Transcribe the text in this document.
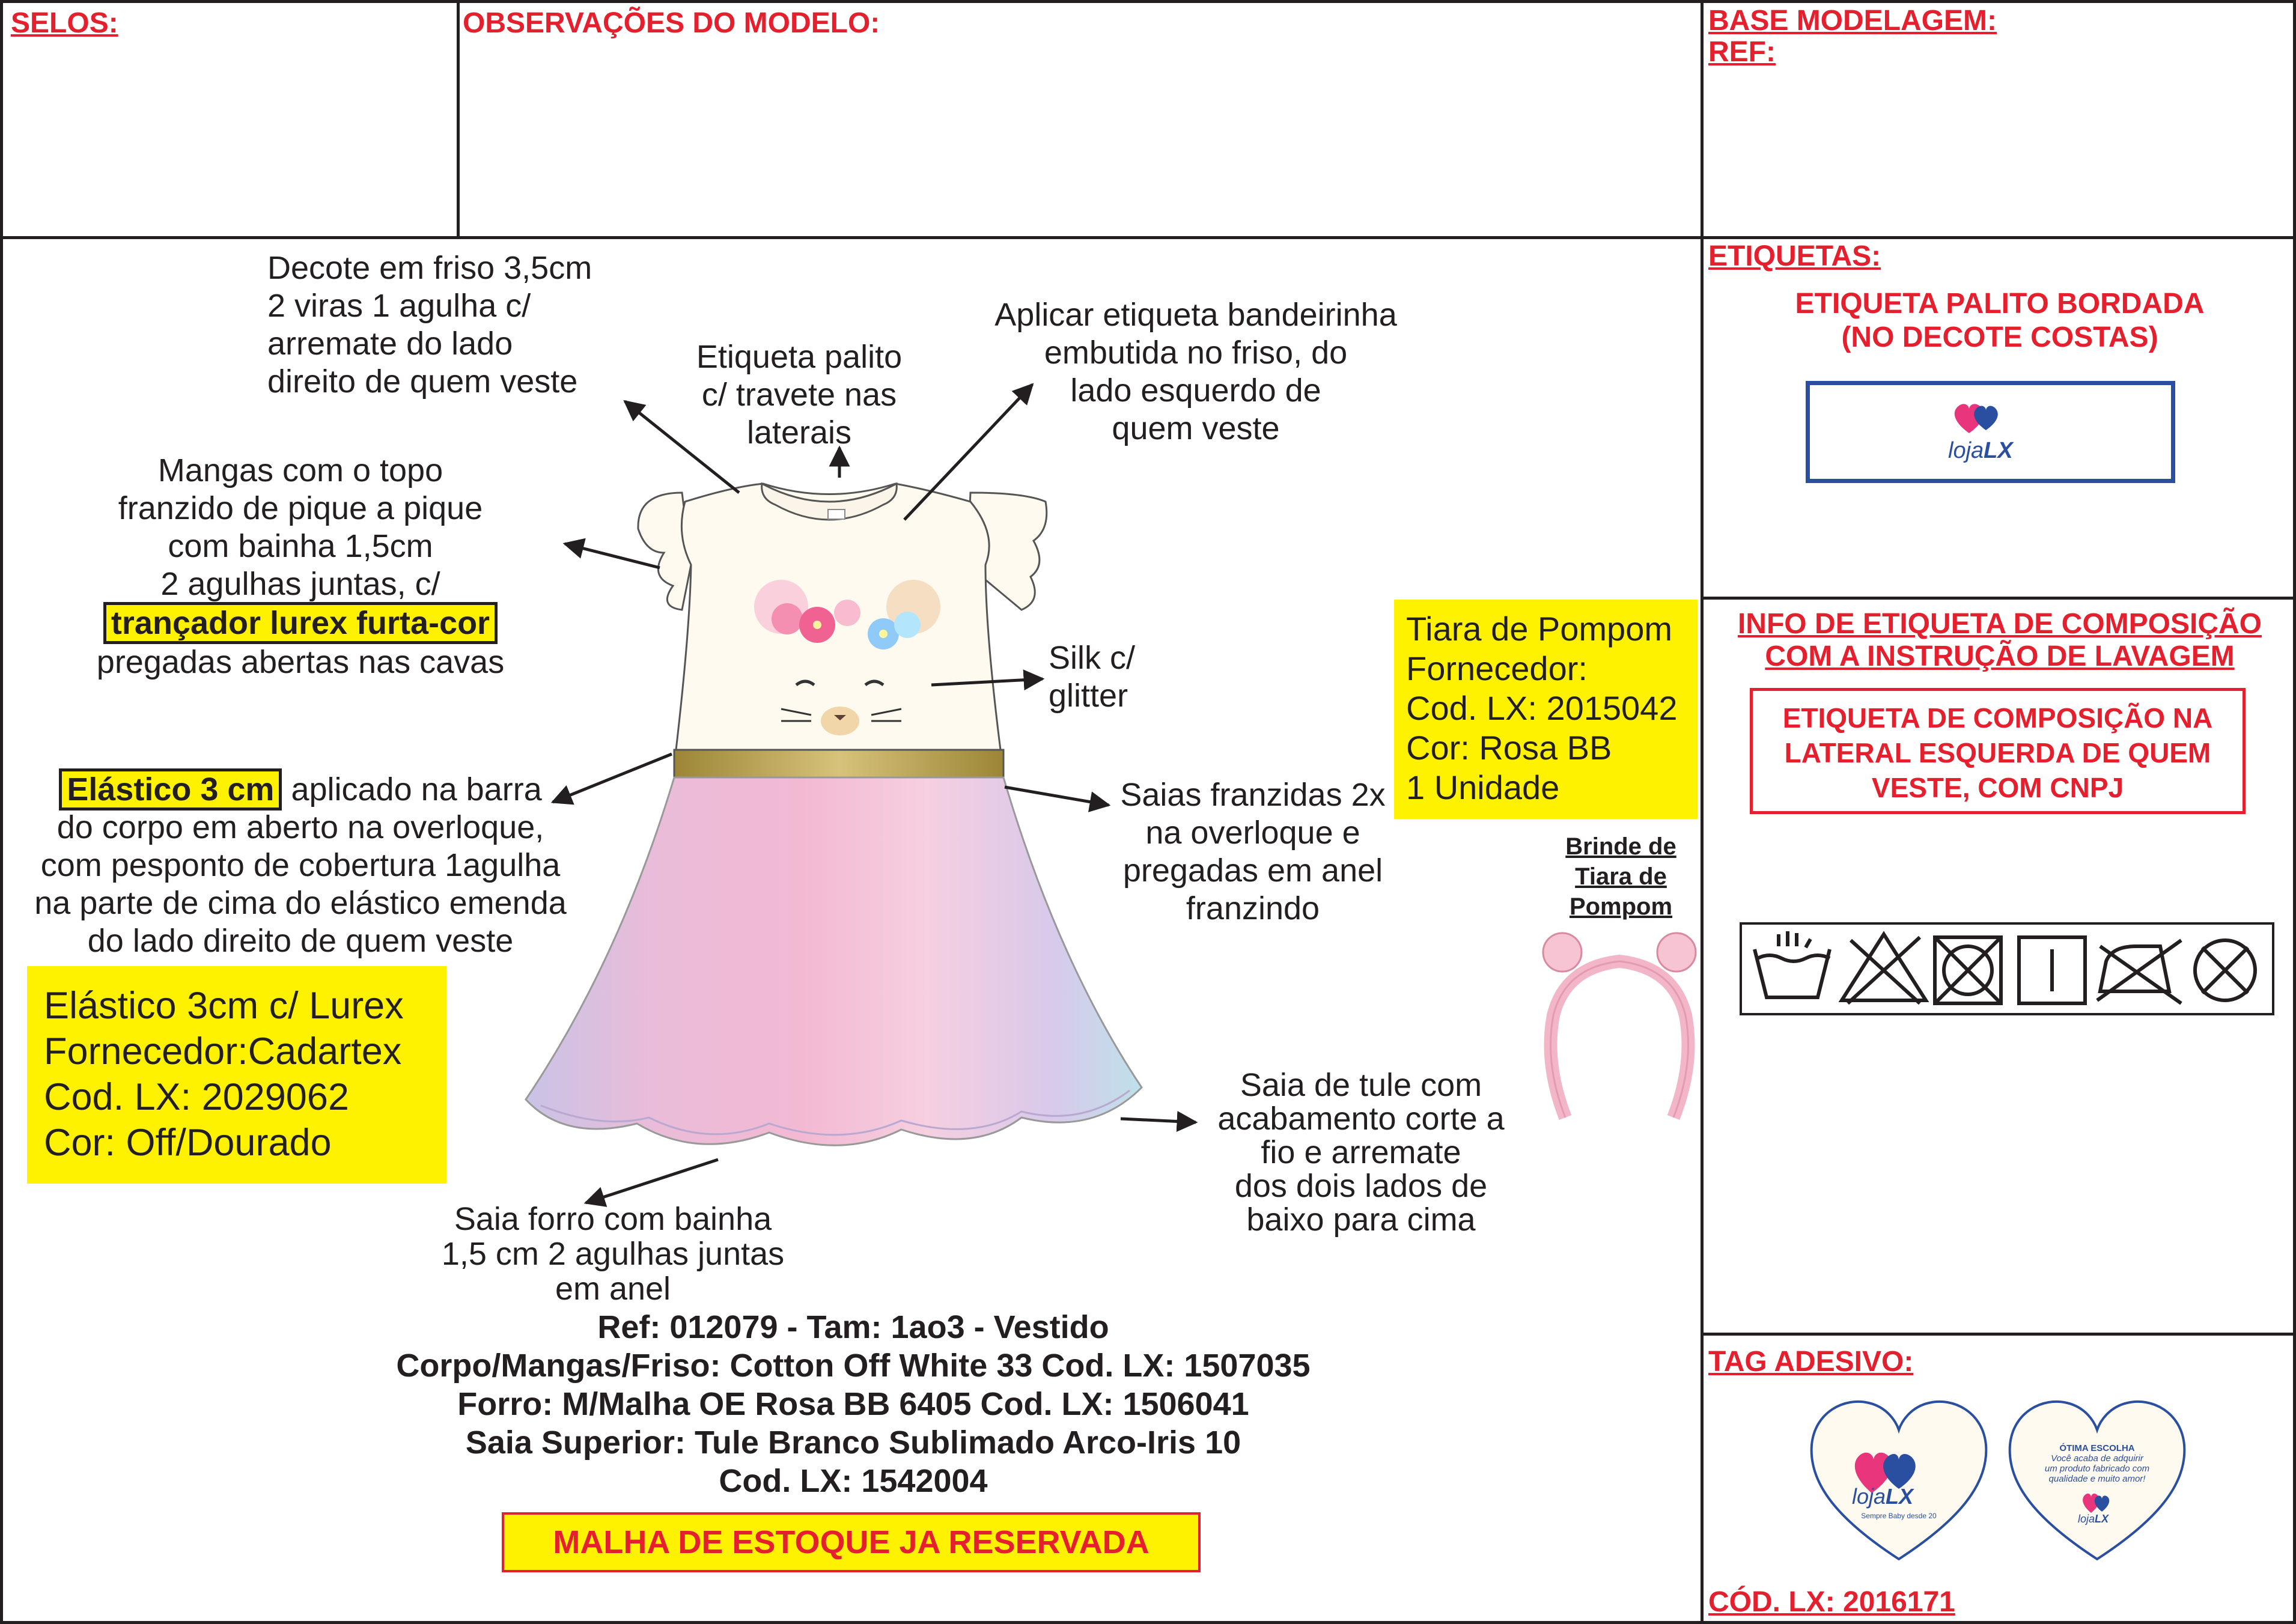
SELOS:	OBSERVAÇÕES DO MODELO:	BASE MODELAGEM:
REF:
Decote em friso 3,5cm
2 viras 1 agulha c/
arremate do lado
direito de quem veste
Etiqueta palito
c/ travete nas
laterais
Aplicar etiqueta bandeirinha
embutida no friso, do
lado esquerdo de
quem veste
Mangas com o topo
franzido de pique a pique
com bainha 1,5cm
2 agulhas juntas, c/
trançador lurex furta-cor
pregadas abertas nas cavas	Silk c/
glitter
Elástico 3 cm aplicado na barra
do corpo em aberto na overloque,
com pesponto de cobertura 1agulha
na parte de cima do elástico emenda
do lado direito de quem veste
Saias franzidas 2x
na overloque e
pregadas em anel
franzindo
Saia de tule com
acabamento corte a
fio e arremate
dos dois lados de
baixo para cima
Saia forro com bainha
1,5 cm 2 agulhas juntas
em anel
Elástico 3cm c/ Lurex
Fornecedor:Cadartex
Cod. LX: 2029062
Cor: Off/Dourado
Tiara de Pompom
Fornecedor:
Cod. LX: 2015042
Cor: Rosa BB
1 Unidade
Brinde de
Tiara de
Pompom
Ref: 012079 - Tam: 1ao3 - Vestido
Corpo/Mangas/Friso: Cotton Off White 33 Cod. LX: 1507035
Forro: M/Malha OE Rosa BB 6405 Cod. LX: 1506041
Saia Superior: Tule Branco Sublimado Arco-Iris 10
Cod. LX: 1542004
MALHA DE ESTOQUE JA RESERVADA
ETIQUETAS:
ETIQUETA PALITO BORDADA
(NO DECOTE COSTAS)
lojaLX
INFO DE ETIQUETA DE COMPOSIÇÃO
COM A INSTRUÇÃO DE LAVAGEM
ETIQUETA DE COMPOSIÇÃO NA
LATERAL ESQUERDA DE QUEM
VESTE, COM CNPJ
TAG ADESIVO:
lojaLX
Sempre Baby desde 20
ÓTIMA ESCOLHA
Você acaba de adquirir
um produto fabricado com
qualidade e muito amor!
lojaLX
CÓD. LX: 2016171
